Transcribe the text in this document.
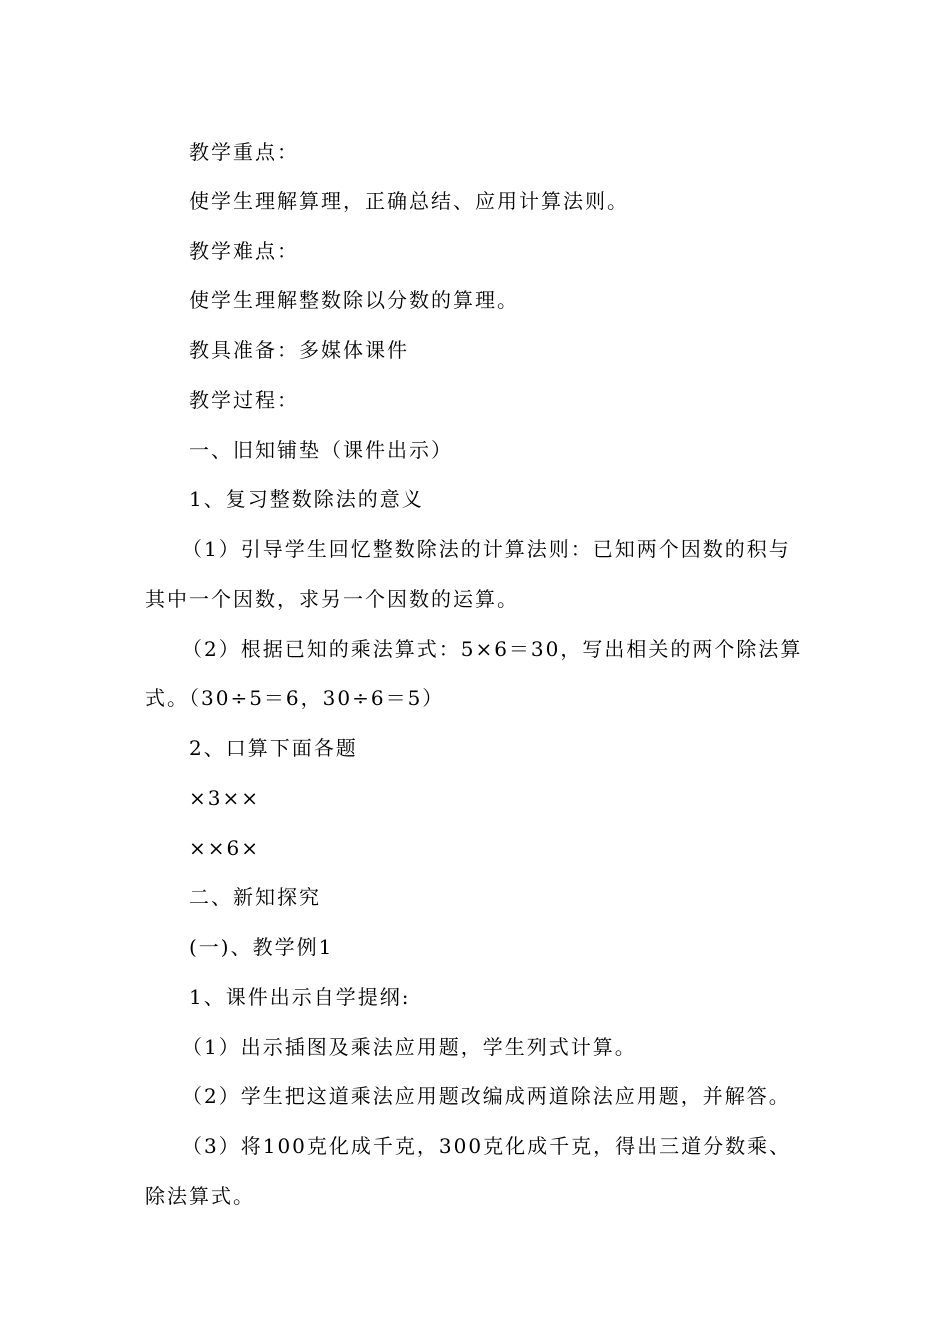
教学重点：
使学生理解算理，正确总结、应用计算法则。
教学难点：
使学生理解整数除以分数的算理。
教具准备：多媒体课件
教学过程：
一、旧知铺垫（课件出示）
1、复习整数除法的意义
（1）引导学生回忆整数除法的计算法则：已知两个因数的积与
其中一个因数，求另一个因数的运算。
（2）根据已知的乘法算式：5×6＝30，写出相关的两个除法算
式。（30÷5＝6，30÷6＝5）
2、口算下面各题
×3××
××6×
二、新知探究
(一)、教学例1
1、课件出示自学提纲:
（1）出示插图及乘法应用题，学生列式计算。
（2）学生把这道乘法应用题改编成两道除法应用题，并解答。
（3）将100克化成千克，300克化成千克，得出三道分数乘、
除法算式。
